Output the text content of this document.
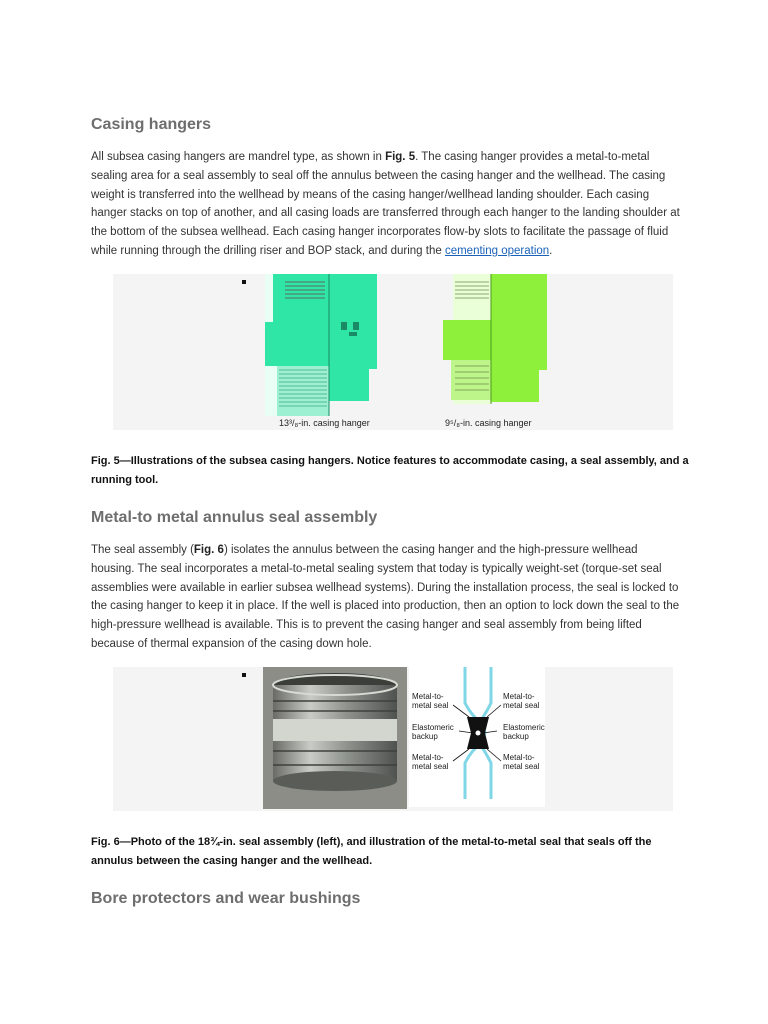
Casing hangers

All subsea casing hangers are mandrel type, as shown in Fig. 5. The casing hanger provides a metal-to-metal sealing area for a seal assembly to seal off the annulus between the casing hanger and the wellhead. The casing weight is transferred into the wellhead by means of the casing hanger/wellhead landing shoulder. Each casing hanger stacks on top of another, and all casing loads are transferred through each hanger to the landing shoulder at the bottom of the subsea wellhead. Each casing hanger incorporates flow-by slots to facilitate the passage of fluid while running through the drilling riser and BOP stack, and during the cementing operation.

13³/₈-in. casing hanger	9⁵/₈-in. casing hanger

Fig. 5—Illustrations of the subsea casing hangers. Notice features to accommodate casing, a seal assembly, and a running tool.

Metal-to metal annulus seal assembly

The seal assembly (Fig. 6) isolates the annulus between the casing hanger and the high-pressure wellhead housing. The seal incorporates a metal-to-metal sealing system that today is typically weight-set (torque-set seal assemblies were available in earlier subsea wellhead systems). During the installation process, the seal is locked to the casing hanger to keep it in place. If the well is placed into production, then an option to lock down the seal to the high-pressure wellhead is available. This is to prevent the casing hanger and seal assembly from being lifted because of thermal expansion of the casing down hole.

Metal-to-metal seal
Elastomeric backup
Metal-to-metal seal
Metal-to-metal seal
Elastomeric backup
Metal-to-metal seal

Fig. 6—Photo of the 18¾-in. seal assembly (left), and illustration of the metal-to-metal seal that seals off the annulus between the casing hanger and the wellhead.

Bore protectors and wear bushings
